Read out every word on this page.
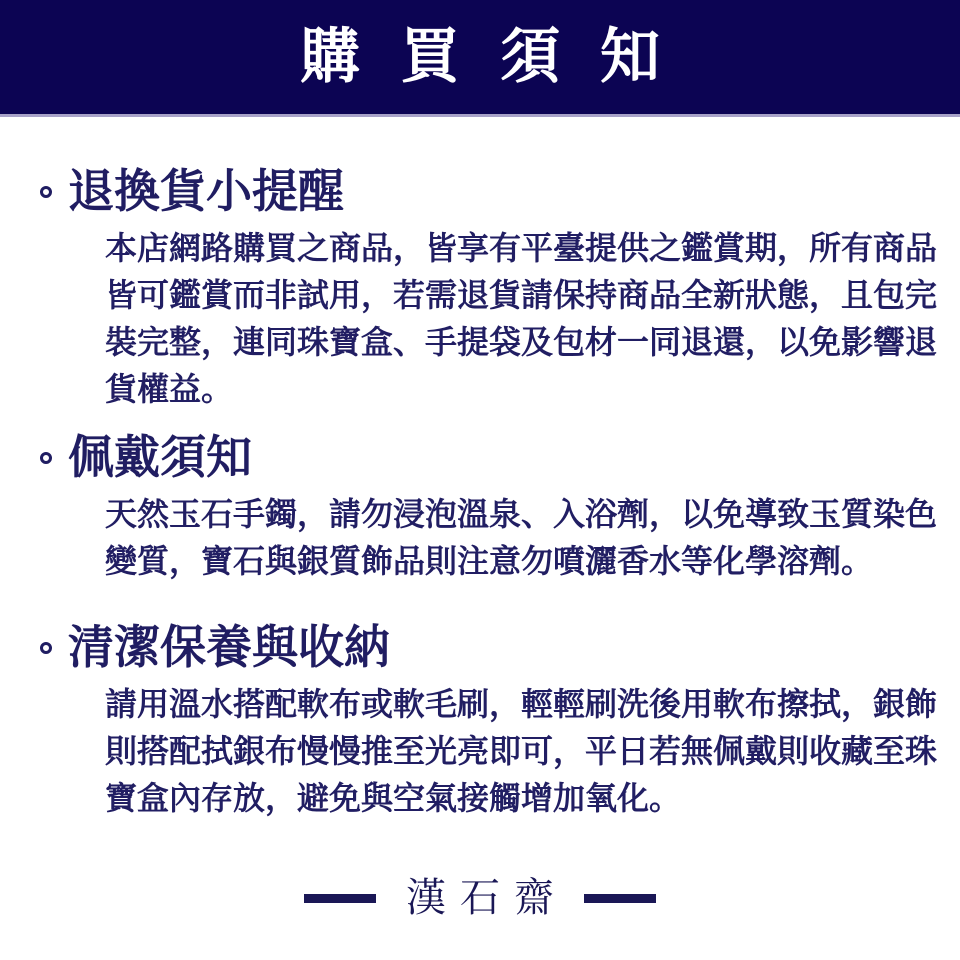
購買須知
退換貨小提醒
本店網路購買之商品，皆享有平臺提供之鑑賞期，所有商品
皆可鑑賞而非試用，若需退貨請保持商品全新狀態，且包完
裝完整，連同珠寶盒、手提袋及包材一同退還，以免影響退
貨權益。
佩戴須知
天然玉石手鐲，請勿浸泡溫泉、入浴劑，以免導致玉質染色
變質，寶石與銀質飾品則注意勿噴灑香水等化學溶劑。
清潔保養與收納
請用溫水搭配軟布或軟毛刷，輕輕刷洗後用軟布擦拭，銀飾
則搭配拭銀布慢慢推至光亮即可，平日若無佩戴則收藏至珠
寶盒內存放，避免與空氣接觸增加氧化。
漢石齋
